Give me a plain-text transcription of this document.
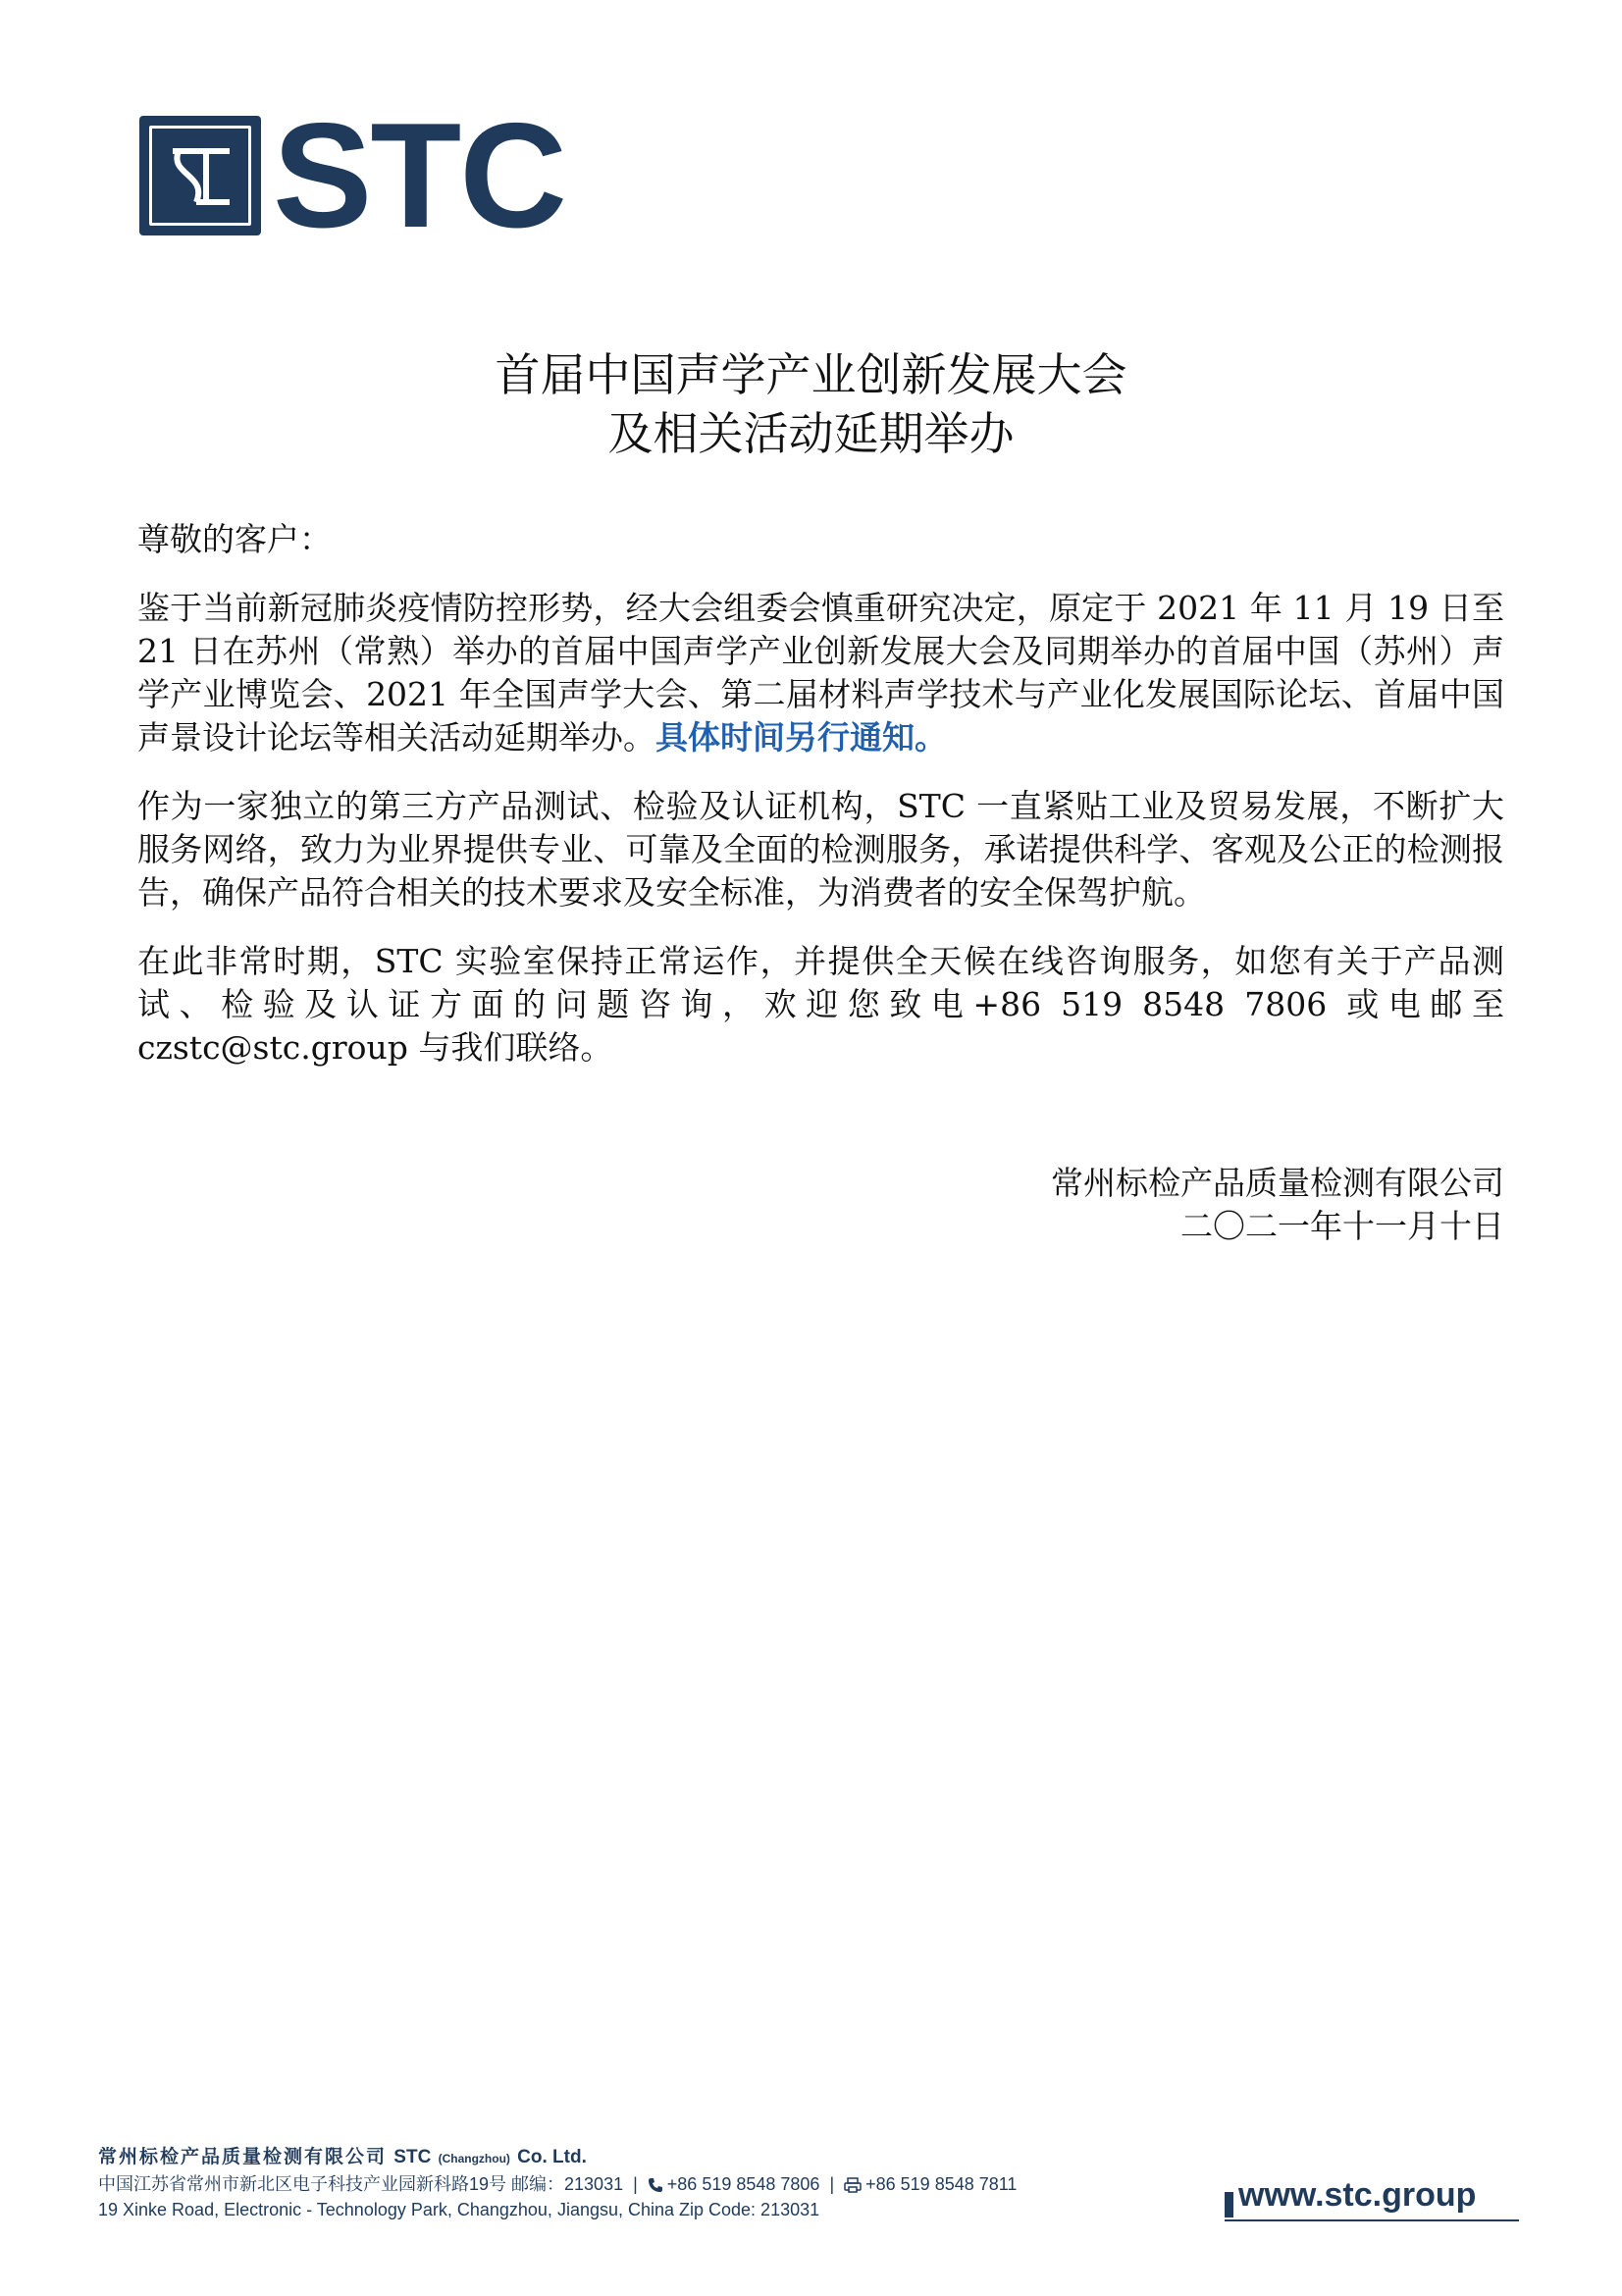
STC
首届中国声学产业创新发展大会
及相关活动延期举办
尊敬的客户：
鉴于当前新冠肺炎疫情防控形势，经大会组委会慎重研究决定，原定于 2021 年 11 月 19 日至 21 日在苏州（常熟）举办的首届中国声学产业创新发展大会及同期举办的首届中国（苏州）声学产业博览会、2021 年全国声学大会、第二届材料声学技术与产业化发展国际论坛、首届中国声景设计论坛等相关活动延期举办。具体时间另行通知。
作为一家独立的第三方产品测试、检验及认证机构，STC 一直紧贴工业及贸易发展，不断扩大服务网络，致力为业界提供专业、可靠及全面的检测服务，承诺提供科学、客观及公正的检测报告，确保产品符合相关的技术要求及安全标准，为消费者的安全保驾护航。
在此非常时期，STC 实验室保持正常运作，并提供全天候在线咨询服务，如您有关于产品测试、检验及认证方面的问题咨询，欢迎您致电+86 519 8548 7806 或电邮至 czstc@stc.group 与我们联络。
常州标检产品质量检测有限公司
二〇二一年十一月十日
常州标检产品质量检测有限公司 STC (Changzhou) Co. Ltd.
中国江苏省常州市新北区电子科技产业园新科路19号 邮编：213031 | +86 519 8548 7806 | +86 519 8548 7811
19 Xinke Road, Electronic - Technology Park, Changzhou, Jiangsu, China Zip Code: 213031	www.stc.group
